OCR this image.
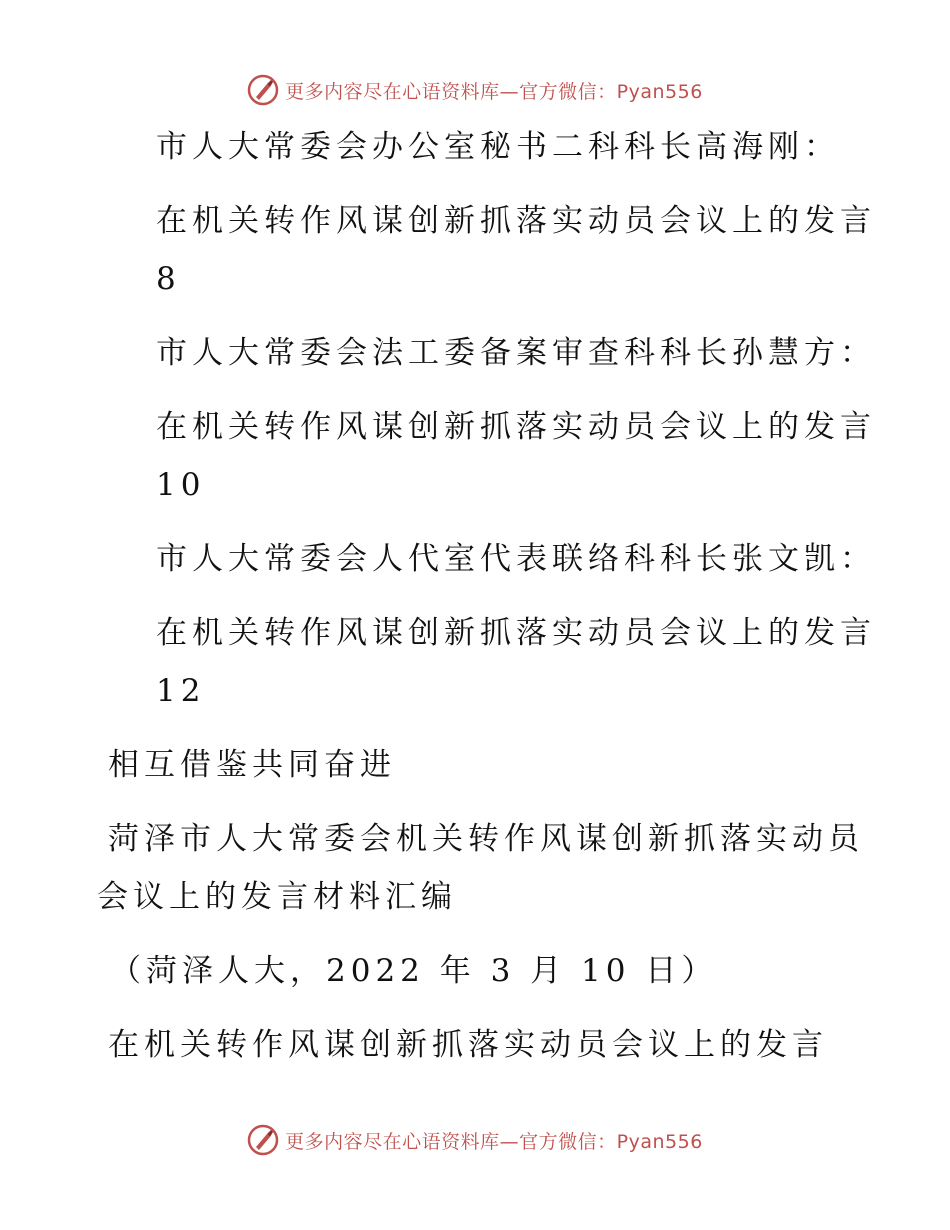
更多内容尽在心语资料库—官方微信：Pyan556
市人大常委会办公室秘书二科科长高海刚：
在机关转作风谋创新抓落实动员会议上的发言
8
市人大常委会法工委备案审查科科长孙慧方：
在机关转作风谋创新抓落实动员会议上的发言
10
市人大常委会人代室代表联络科科长张文凯：
在机关转作风谋创新抓落实动员会议上的发言
12
相互借鉴共同奋进
菏泽市人大常委会机关转作风谋创新抓落实动员
会议上的发言材料汇编
（菏泽人大，2022 年 3 月 10 日）
在机关转作风谋创新抓落实动员会议上的发言
更多内容尽在心语资料库—官方微信：Pyan556
